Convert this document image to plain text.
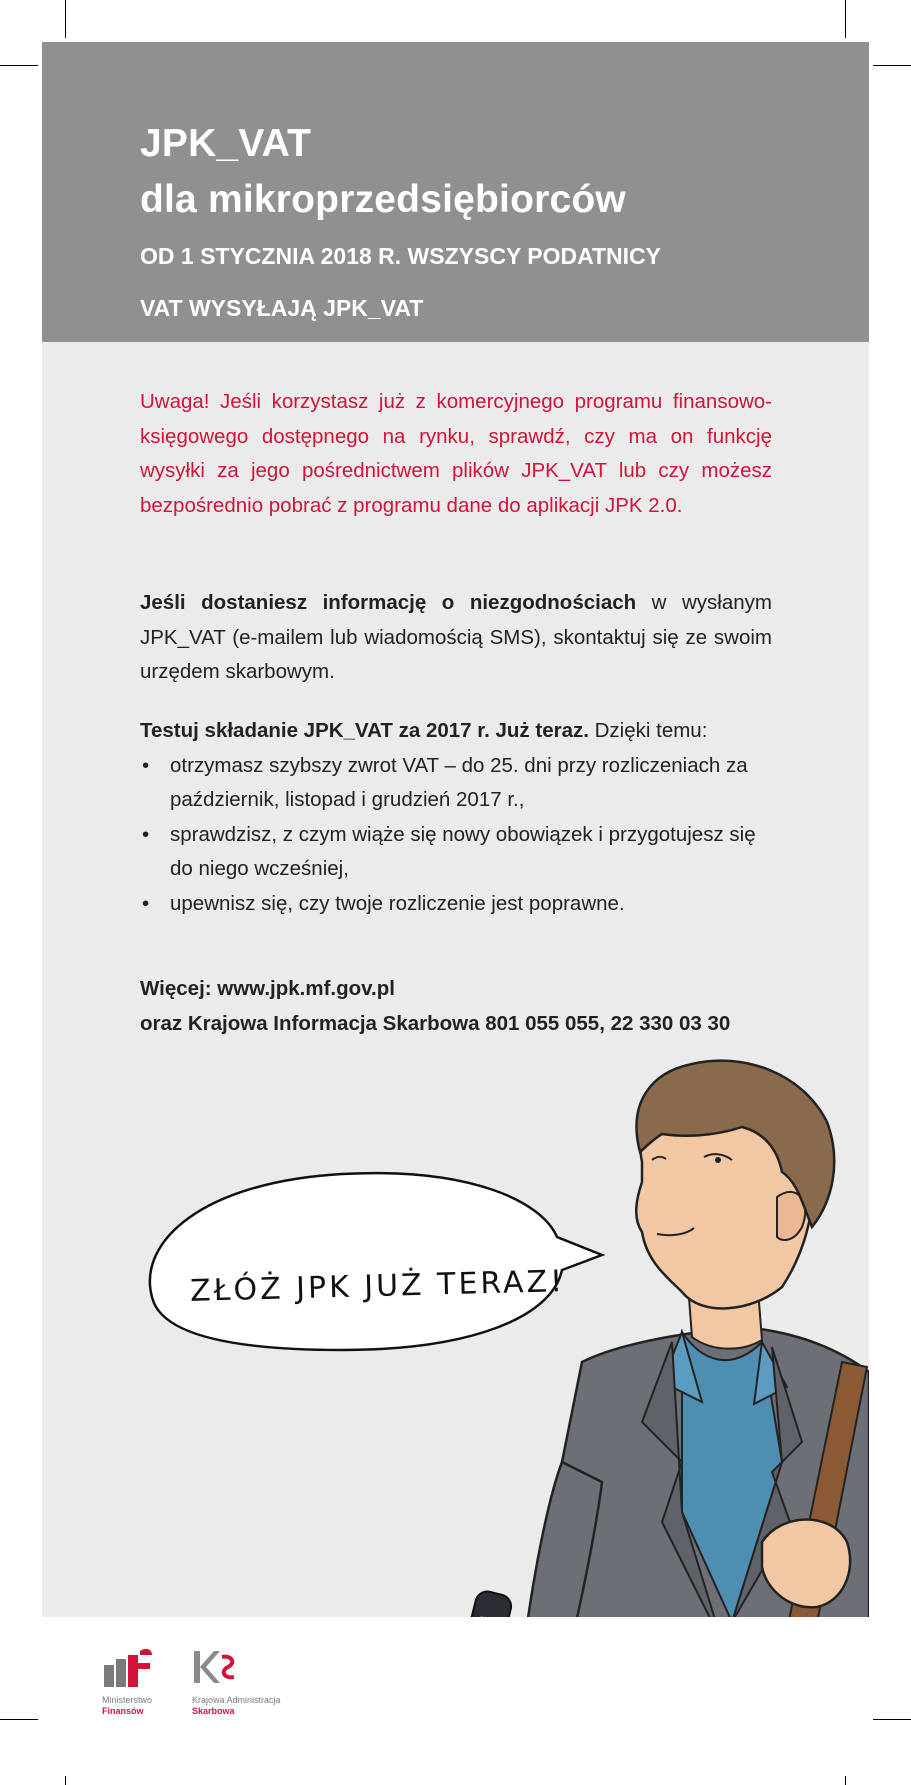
JPK_VAT
dla mikroprzedsiębiorców
OD 1 STYCZNIA 2018 R. WSZYSCY PODATNICY
VAT WYSYŁAJĄ JPK_VAT
Uwaga! Jeśli korzystasz już z komercyjnego programu finansowo-księgowego dostępnego na rynku, sprawdź, czy ma on funkcję wysyłki za jego pośrednictwem plików JPK_VAT lub czy możesz bezpośrednio pobrać z programu dane do aplikacji JPK 2.0.
Jeśli dostaniesz informację o niezgodnościach w wysłanym JPK_VAT (e-mailem lub wiadomością SMS), skontaktuj się ze swoim urzędem skarbowym.
Testuj składanie JPK_VAT za 2017 r. Już teraz. Dzięki temu:
• otrzymasz szybszy zwrot VAT – do 25. dni przy rozliczeniach za październik, listopad i grudzień 2017 r.,
• sprawdzisz, z czym wiąże się nowy obowiązek i przygotujesz się do niego wcześniej,
• upewnisz się, czy twoje rozliczenie jest poprawne.
Więcej: www.jpk.mf.gov.pl
oraz Krajowa Informacja Skarbowa 801 055 055, 22 330 03 30
ZŁÓŻ JPK JUŻ TERAZ!
Ministerstwo
Finansów
Krajowa Administracja
Skarbowa
